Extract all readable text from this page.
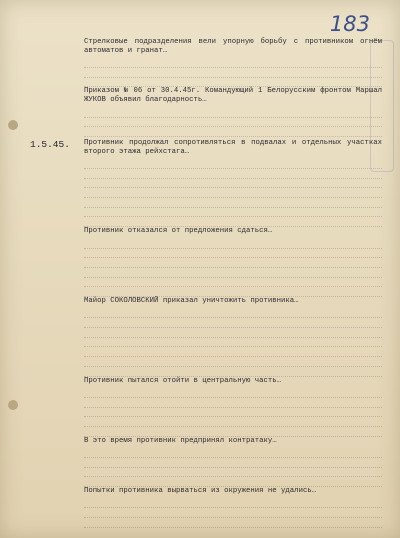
183

Стрелковые подразделения вели упорную борьбу с противником огнём автоматов и гранат…

Приказом № 06 от 30.4.45г. Командующий 1 Белорусским фронтом Маршал ЖУКОВ объявил благодарность…

1.5.45.	Противник продолжал сопротивляться в подвалах и отдельных участках второго этажа рейхстага…

Противник отказался от предложения сдаться…

Майор СОКОЛОВСКИЙ приказал уничтожить противника…

Противник пытался отойти в центральную часть…

В это время противник предпринял контратаку…

Попытки противника вырваться из окружения не удались…
